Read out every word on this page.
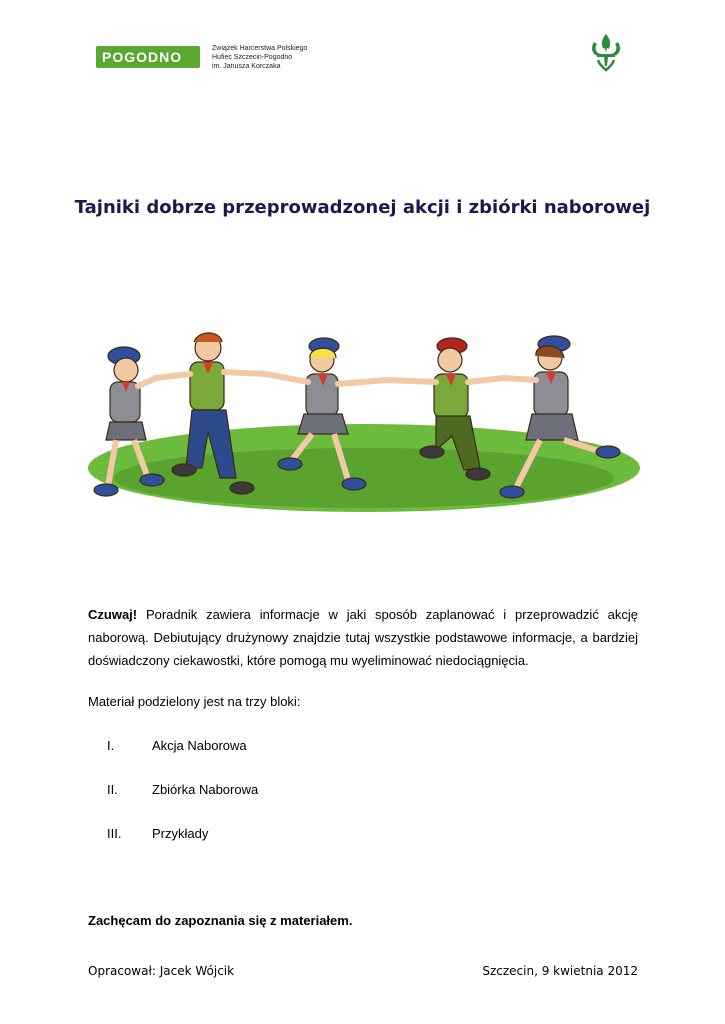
POGODNO
Związek Harcerstwa Polskiego
Hufiec Szczecin-Pogodno
im. Janusza Korczaka
ZHP
Tajniki dobrze przeprowadzonej akcji i zbiórki naborowej
Czuwaj! Poradnik zawiera informacje w jaki sposób zaplanować i przeprowadzić akcję naborową. Debiutujący drużynowy znajdzie tutaj wszystkie podstawowe informacje, a bardziej doświadczony ciekawostki, które pomogą mu wyeliminować niedociągnięcia.
Materiał podzielony jest na trzy bloki:
I.	Akcja Naborowa
II.	Zbiórka Naborowa
III. Przykłady
Zachęcam do zapoznania się z materiałem.
Opracował: Jacek Wójcik	Szczecin, 9 kwietnia 2012
